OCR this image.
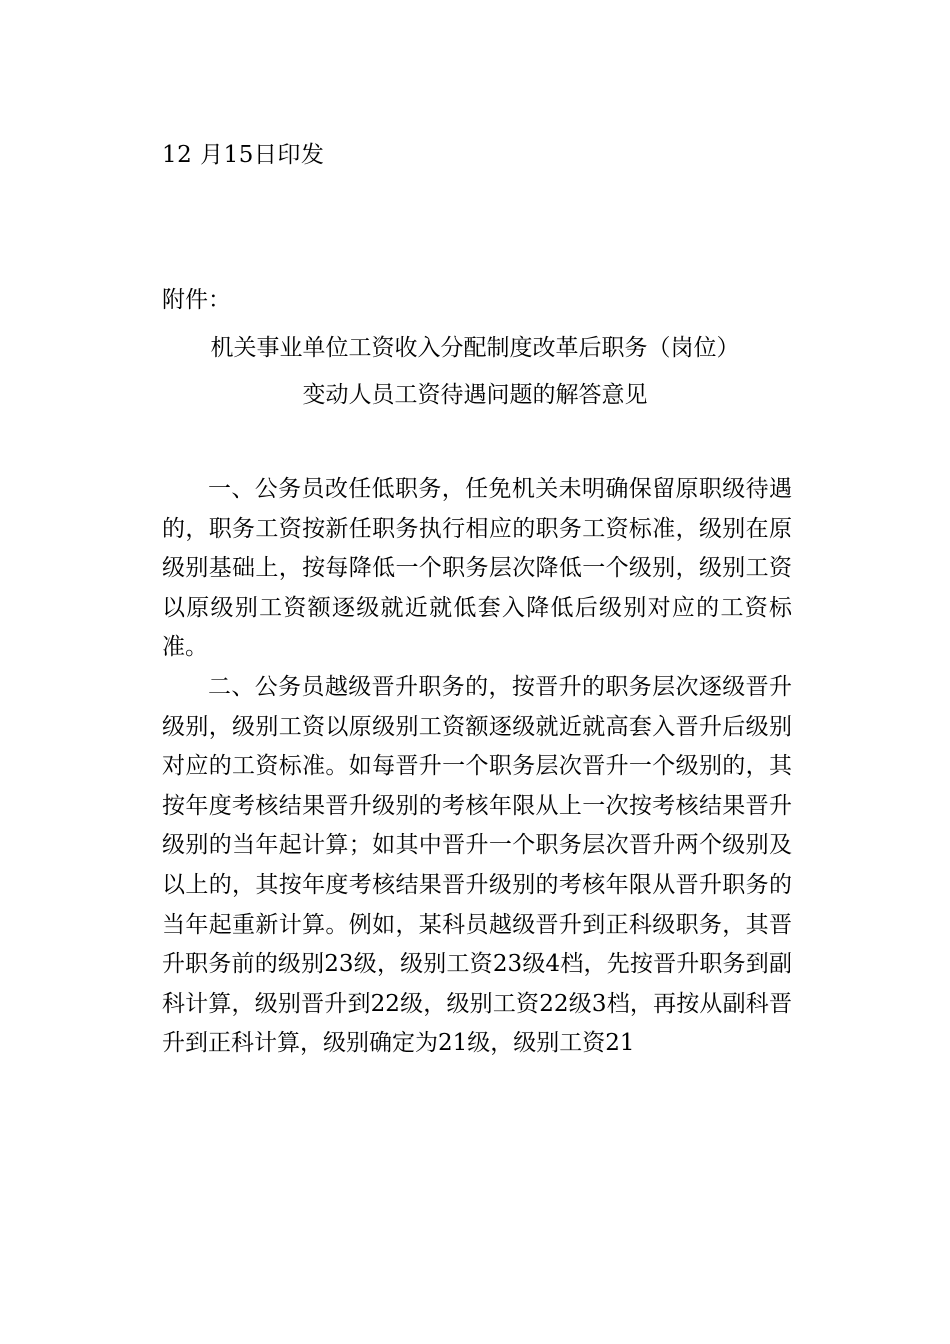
12 月15日印发
附件：
机关事业单位工资收入分配制度改革后职务（岗位）
变动人员工资待遇问题的解答意见

一、公务员改任低职务，任免机关未明确保留原职级待遇的，职务工资按新任职务执行相应的职务工资标准，级别在原级别基础上，按每降低一个职务层次降低一个级别，级别工资以原级别工资额逐级就近就低套入降低后级别对应的工资标准。

二、公务员越级晋升职务的，按晋升的职务层次逐级晋升级别，级别工资以原级别工资额逐级就近就高套入晋升后级别对应的工资标准。如每晋升一个职务层次晋升一个级别的，其按年度考核结果晋升级别的考核年限从上一次按考核结果晋升级别的当年起计算；如其中晋升一个职务层次晋升两个级别及以上的，其按年度考核结果晋升级别的考核年限从晋升职务的当年起重新计算。例如，某科员越级晋升到正科级职务，其晋升职务前的级别23级，级别工资23级4档，先按晋升职务到副科计算，级别晋升到22级，级别工资22级3档，再按从副科晋升到正科计算，级别确定为21级，级别工资21
